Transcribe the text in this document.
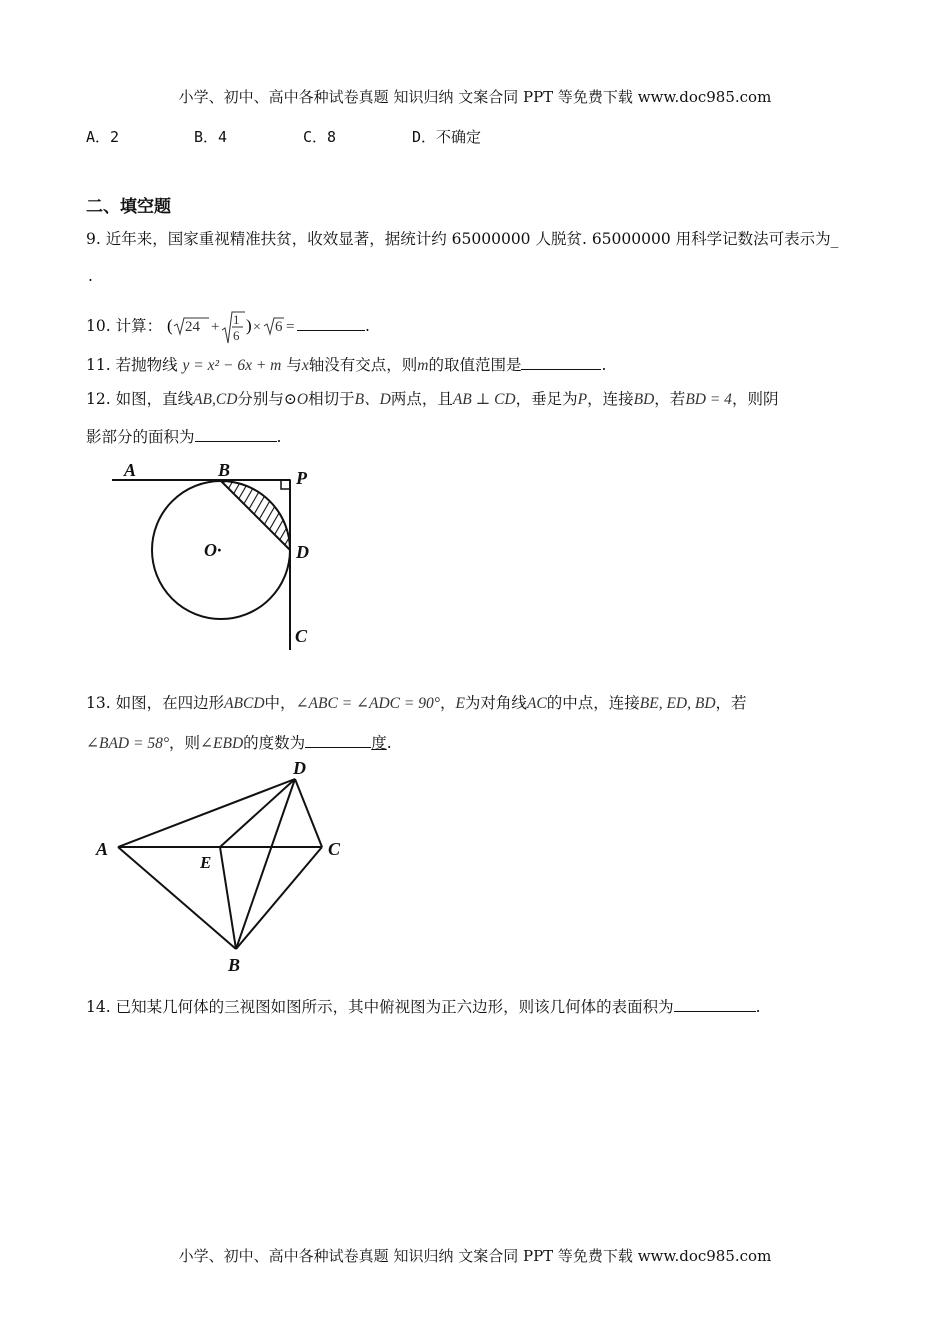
小学、初中、高中各种试卷真题 知识归纳 文案合同 PPT 等免费下载 www.doc985.com
A．2	B．4	C．8	D．不确定
二、填空题
9. 近年来，国家重视精准扶贫，收效显著，据统计约 65000000 人脱贫. 65000000 用科学记数法可表示为_
.
10. 计算： ( 24 + 1
6
) × 6 =	.
11. 若抛物线 y = x² − 6x + m 与x轴没有交点，则m的取值范围是	.
12. 如图，直线AB,CD分别与⊙O相切于B、D两点，且AB ⊥ CD，垂足为P，连接BD，若BD = 4，则阴
影部分的面积为	.
A	B	P
O·	D
C
13. 如图，在四边形ABCD中，∠ABC = ∠ADC = 90°，E为对角线AC的中点，连接BE, ED, BD，若
∠BAD = 58°，则∠EBD的度数为	度.
D
A	C
E
B
14. 已知某几何体的三视图如图所示，其中俯视图为正六边形，则该几何体的表面积为	.
小学、初中、高中各种试卷真题 知识归纳 文案合同 PPT 等免费下载 www.doc985.com
